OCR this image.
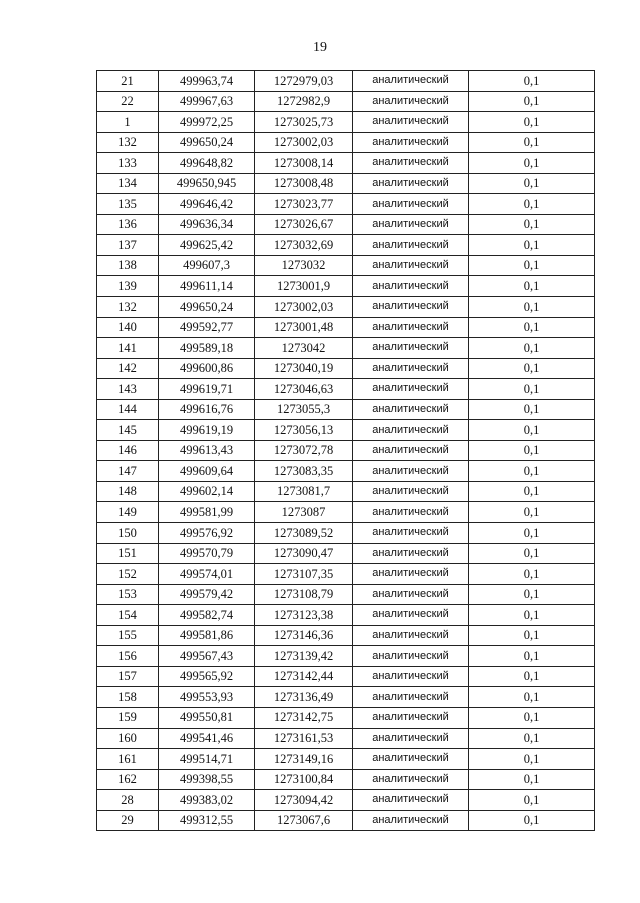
19
21	499963,74	1272979,03	аналитический	0,1
22	499967,63	1272982,9	аналитический	0,1
1	499972,25	1273025,73	аналитический	0,1
132	499650,24	1273002,03	аналитический	0,1
133	499648,82	1273008,14	аналитический	0,1
134	499650,945	1273008,48	аналитический	0,1
135	499646,42	1273023,77	аналитический	0,1
136	499636,34	1273026,67	аналитический	0,1
137	499625,42	1273032,69	аналитический	0,1
138	499607,3	1273032	аналитический	0,1
139	499611,14	1273001,9	аналитический	0,1
132	499650,24	1273002,03	аналитический	0,1
140	499592,77	1273001,48	аналитический	0,1
141	499589,18	1273042	аналитический	0,1
142	499600,86	1273040,19	аналитический	0,1
143	499619,71	1273046,63	аналитический	0,1
144	499616,76	1273055,3	аналитический	0,1
145	499619,19	1273056,13	аналитический	0,1
146	499613,43	1273072,78	аналитический	0,1
147	499609,64	1273083,35	аналитический	0,1
148	499602,14	1273081,7	аналитический	0,1
149	499581,99	1273087	аналитический	0,1
150	499576,92	1273089,52	аналитический	0,1
151	499570,79	1273090,47	аналитический	0,1
152	499574,01	1273107,35	аналитический	0,1
153	499579,42	1273108,79	аналитический	0,1
154	499582,74	1273123,38	аналитический	0,1
155	499581,86	1273146,36	аналитический	0,1
156	499567,43	1273139,42	аналитический	0,1
157	499565,92	1273142,44	аналитический	0,1
158	499553,93	1273136,49	аналитический	0,1
159	499550,81	1273142,75	аналитический	0,1
160	499541,46	1273161,53	аналитический	0,1
161	499514,71	1273149,16	аналитический	0,1
162	499398,55	1273100,84	аналитический	0,1
28	499383,02	1273094,42	аналитический	0,1
29	499312,55	1273067,6	аналитический	0,1
